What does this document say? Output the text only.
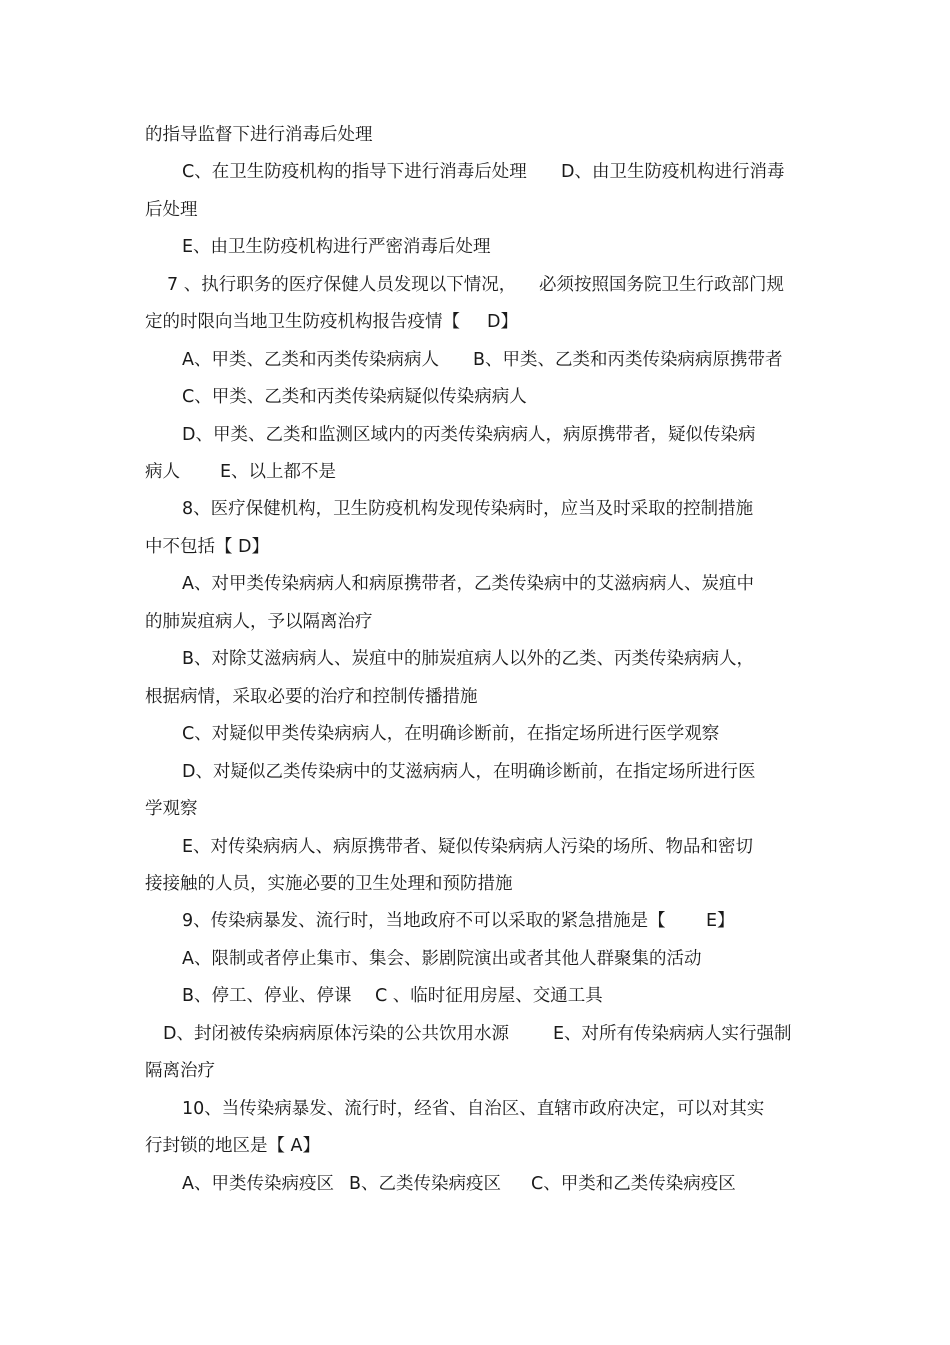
的指导监督下进行消毒后处理
C、在卫生防疫机构的指导下进行消毒后处理 D、由卫生防疫机构进行消毒
后处理
E、由卫生防疫机构进行严密消毒后处理
7 、执行职务的医疗保健人员发现以下情况， 必须按照国务院卫生行政部门规
定的时限向当地卫生防疫机构报告疫情【 D】
A、甲类、乙类和丙类传染病病人 B、甲类、乙类和丙类传染病病原携带者
C、甲类、乙类和丙类传染病疑似传染病病人
D、甲类、乙类和监测区域内的丙类传染病病人，病原携带者，疑似传染病
病人 E、以上都不是
8、医疗保健机构，卫生防疫机构发现传染病时，应当及时采取的控制措施
中不包括【 D】
A、对甲类传染病病人和病原携带者，乙类传染病中的艾滋病病人、炭疽中
的肺炭疽病人，予以隔离治疗
B、对除艾滋病病人、炭疽中的肺炭疽病人以外的乙类、丙类传染病病人，
根据病情，采取必要的治疗和控制传播措施
C、对疑似甲类传染病病人，在明确诊断前，在指定场所进行医学观察
D、对疑似乙类传染病中的艾滋病病人，在明确诊断前，在指定场所进行医
学观察
E、对传染病病人、病原携带者、疑似传染病病人污染的场所、物品和密切
接接触的人员，实施必要的卫生处理和预防措施
9、传染病暴发、流行时，当地政府不可以采取的紧急措施是【 E】
A、限制或者停止集市、集会、影剧院演出或者其他人群聚集的活动
B、停工、停业、停课 C 、临时征用房屋、交通工具
D、封闭被传染病病原体污染的公共饮用水源	E、对所有传染病病人实行强制
隔离治疗
10、当传染病暴发、流行时，经省、自治区、直辖市政府决定，可以对其实
行封锁的地区是【 A】
A、甲类传染病疫区 B、乙类传染病疫区 C、甲类和乙类传染病疫区
